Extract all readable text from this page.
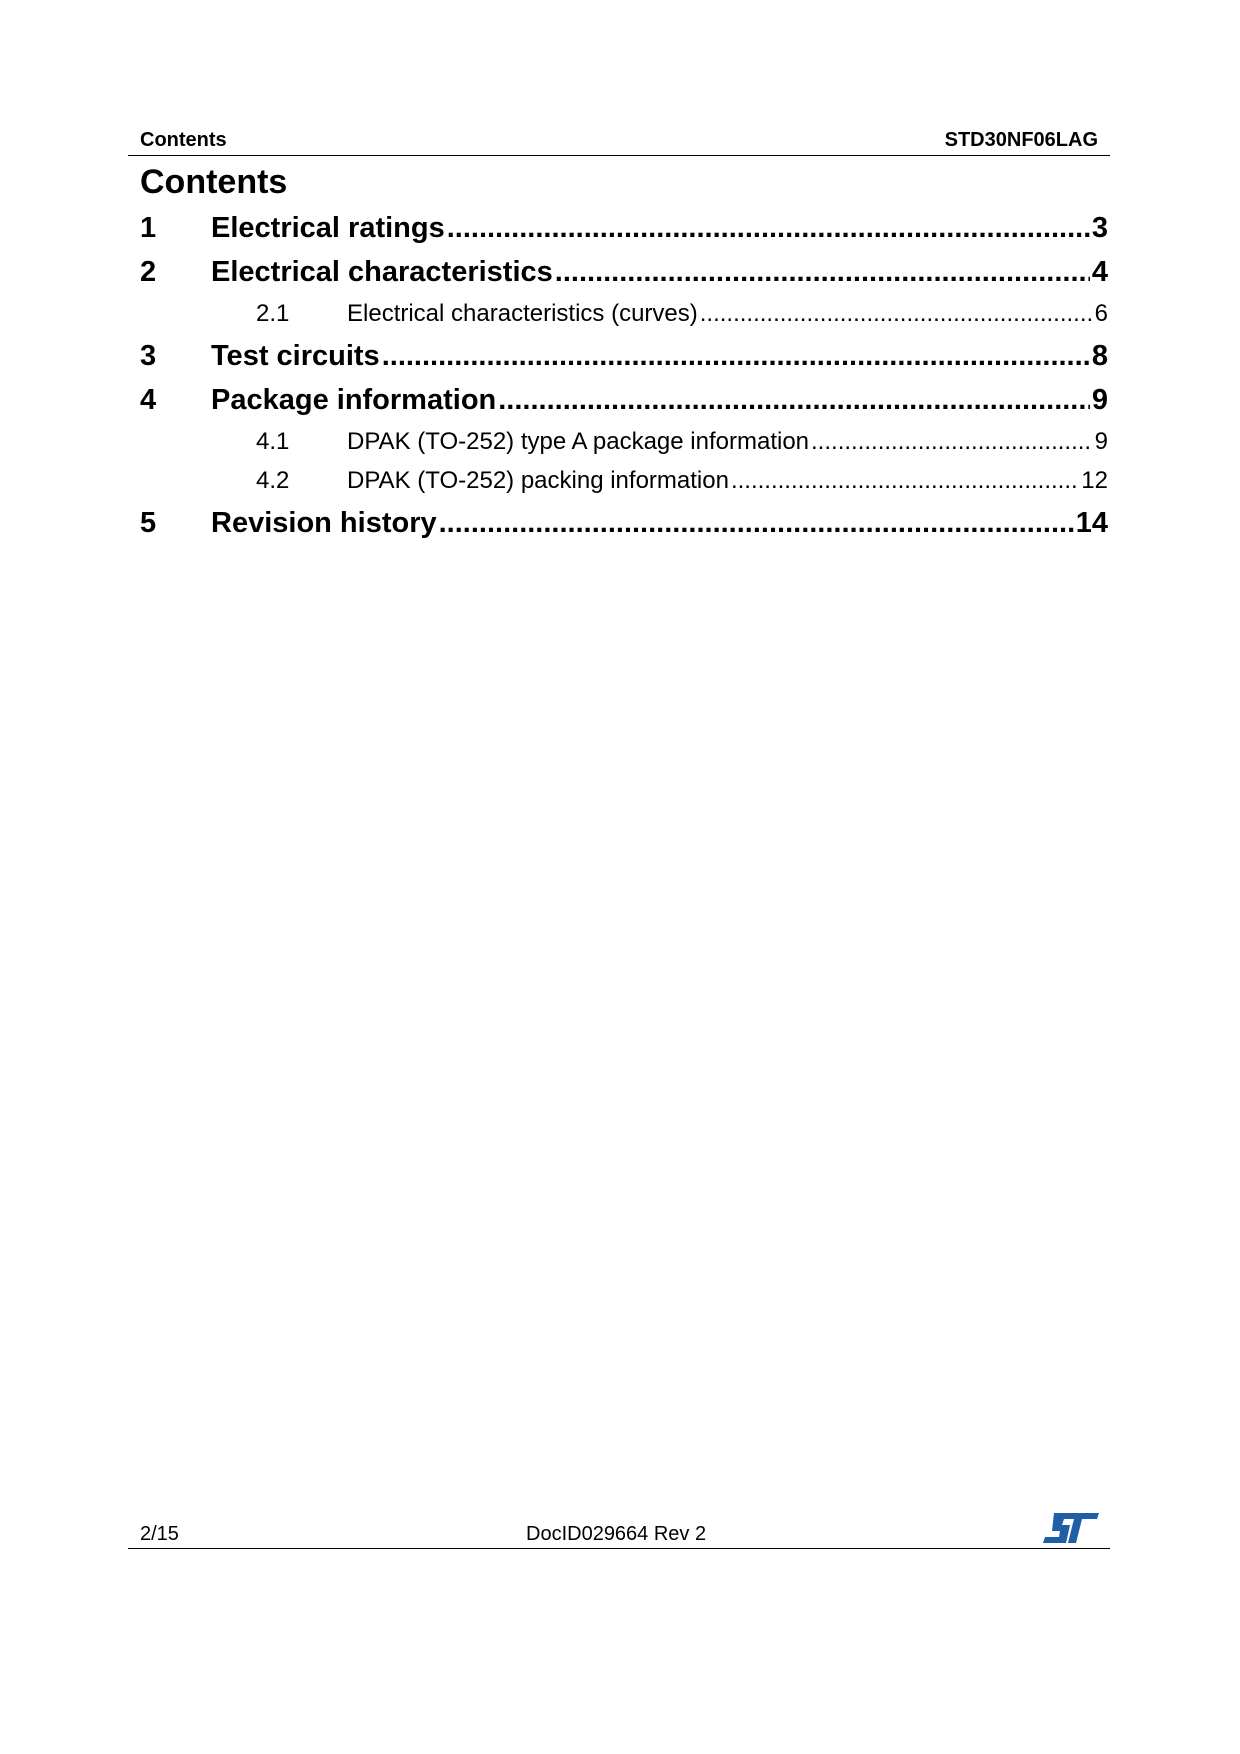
Contents	STD30NF06LAG
Contents
1	Electrical ratings .....	3
2	Electrical characteristics .....	4
2.1	Electrical characteristics (curves) .....	6
3	Test circuits .....	8
4	Package information .....	9
4.1	DPAK (TO-252) type A package information .....	9
4.2	DPAK (TO-252) packing information .....	12
5	Revision history .....	14
2/15	DocID029664 Rev 2
